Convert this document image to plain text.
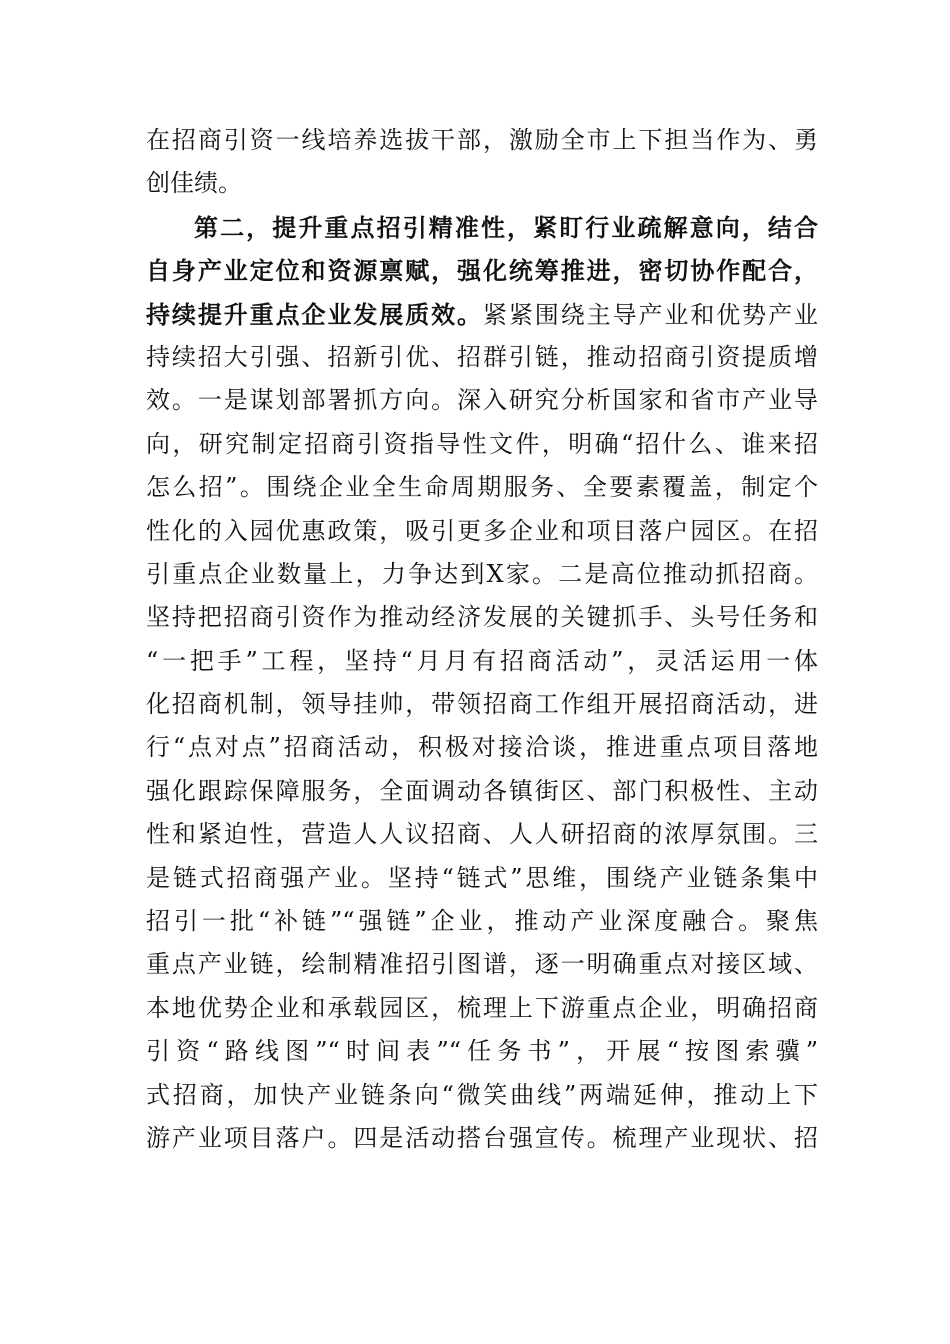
在招商引资一线培养选拔干部，激励全市上下担当作为、勇
创佳绩。
第二，提升重点招引精准性，紧盯行业疏解意向，结合
自身产业定位和资源禀赋，强化统筹推进，密切协作配合，
持续提升重点企业发展质效。紧紧围绕主导产业和优势产业
持续招大引强、招新引优、招群引链，推动招商引资提质增
效。一是谋划部署抓方向。深入研究分析国家和省市产业导
向，研究制定招商引资指导性文件，明确“招什么、谁来招
怎么招”。围绕企业全生命周期服务、全要素覆盖，制定个
性化的入园优惠政策，吸引更多企业和项目落户园区。在招
引重点企业数量上，力争达到X家。二是高位推动抓招商。
坚持把招商引资作为推动经济发展的关键抓手、头号任务和
“一把手”工程，坚持“月月有招商活动”，灵活运用一体
化招商机制，领导挂帅，带领招商工作组开展招商活动，进
行“点对点”招商活动，积极对接洽谈，推进重点项目落地
强化跟踪保障服务，全面调动各镇街区、部门积极性、主动
性和紧迫性，营造人人议招商、人人研招商的浓厚氛围。三
是链式招商强产业。坚持“链式”思维，围绕产业链条集中
招引一批“补链”“强链”企业，推动产业深度融合。聚焦
重点产业链，绘制精准招引图谱，逐一明确重点对接区域、
本地优势企业和承载园区，梳理上下游重点企业，明确招商
引资“路线图”“时间表”“任务书”，开展“按图索骥”
式招商，加快产业链条向“微笑曲线”两端延伸，推动上下
游产业项目落户。四是活动搭台强宣传。梳理产业现状、招
